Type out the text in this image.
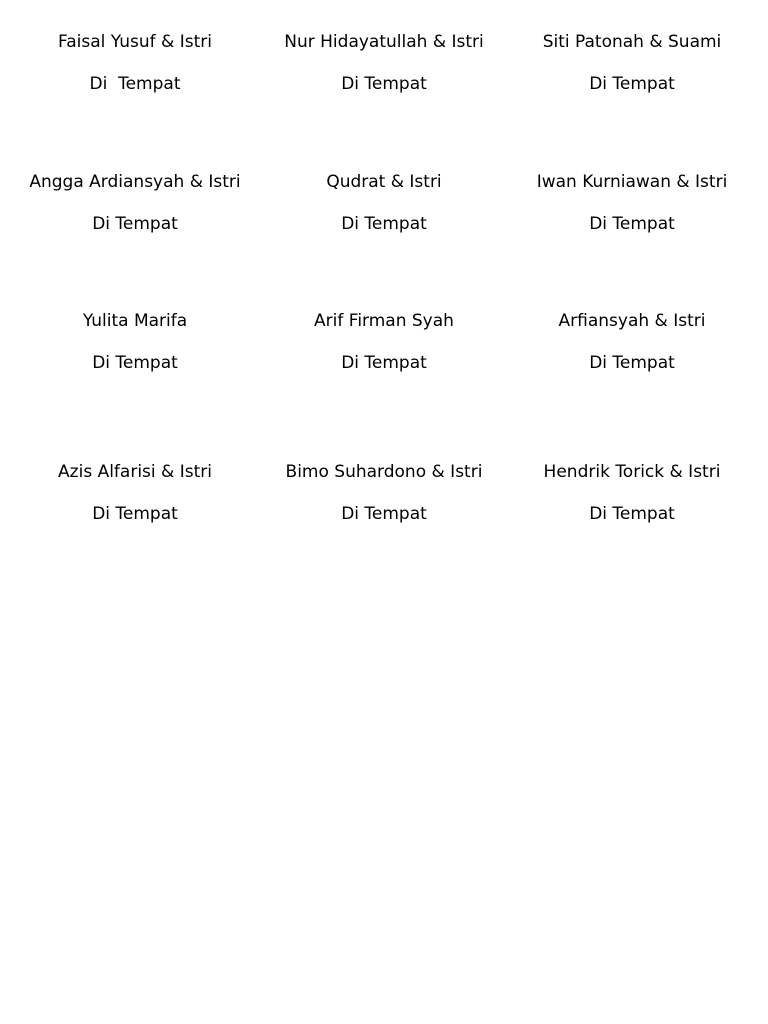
Faisal Yusuf & Istri
Di  Tempat
Nur Hidayatullah & Istri
Di Tempat
Siti Patonah & Suami
Di Tempat
Angga Ardiansyah & Istri
Di Tempat
Qudrat & Istri
Di Tempat
Iwan Kurniawan & Istri
Di Tempat
Yulita Marifa
Di Tempat
Arif Firman Syah
Di Tempat
Arfiansyah & Istri
Di Tempat
Azis Alfarisi & Istri
Di Tempat
Bimo Suhardono & Istri
Di Tempat
Hendrik Torick & Istri
Di Tempat
